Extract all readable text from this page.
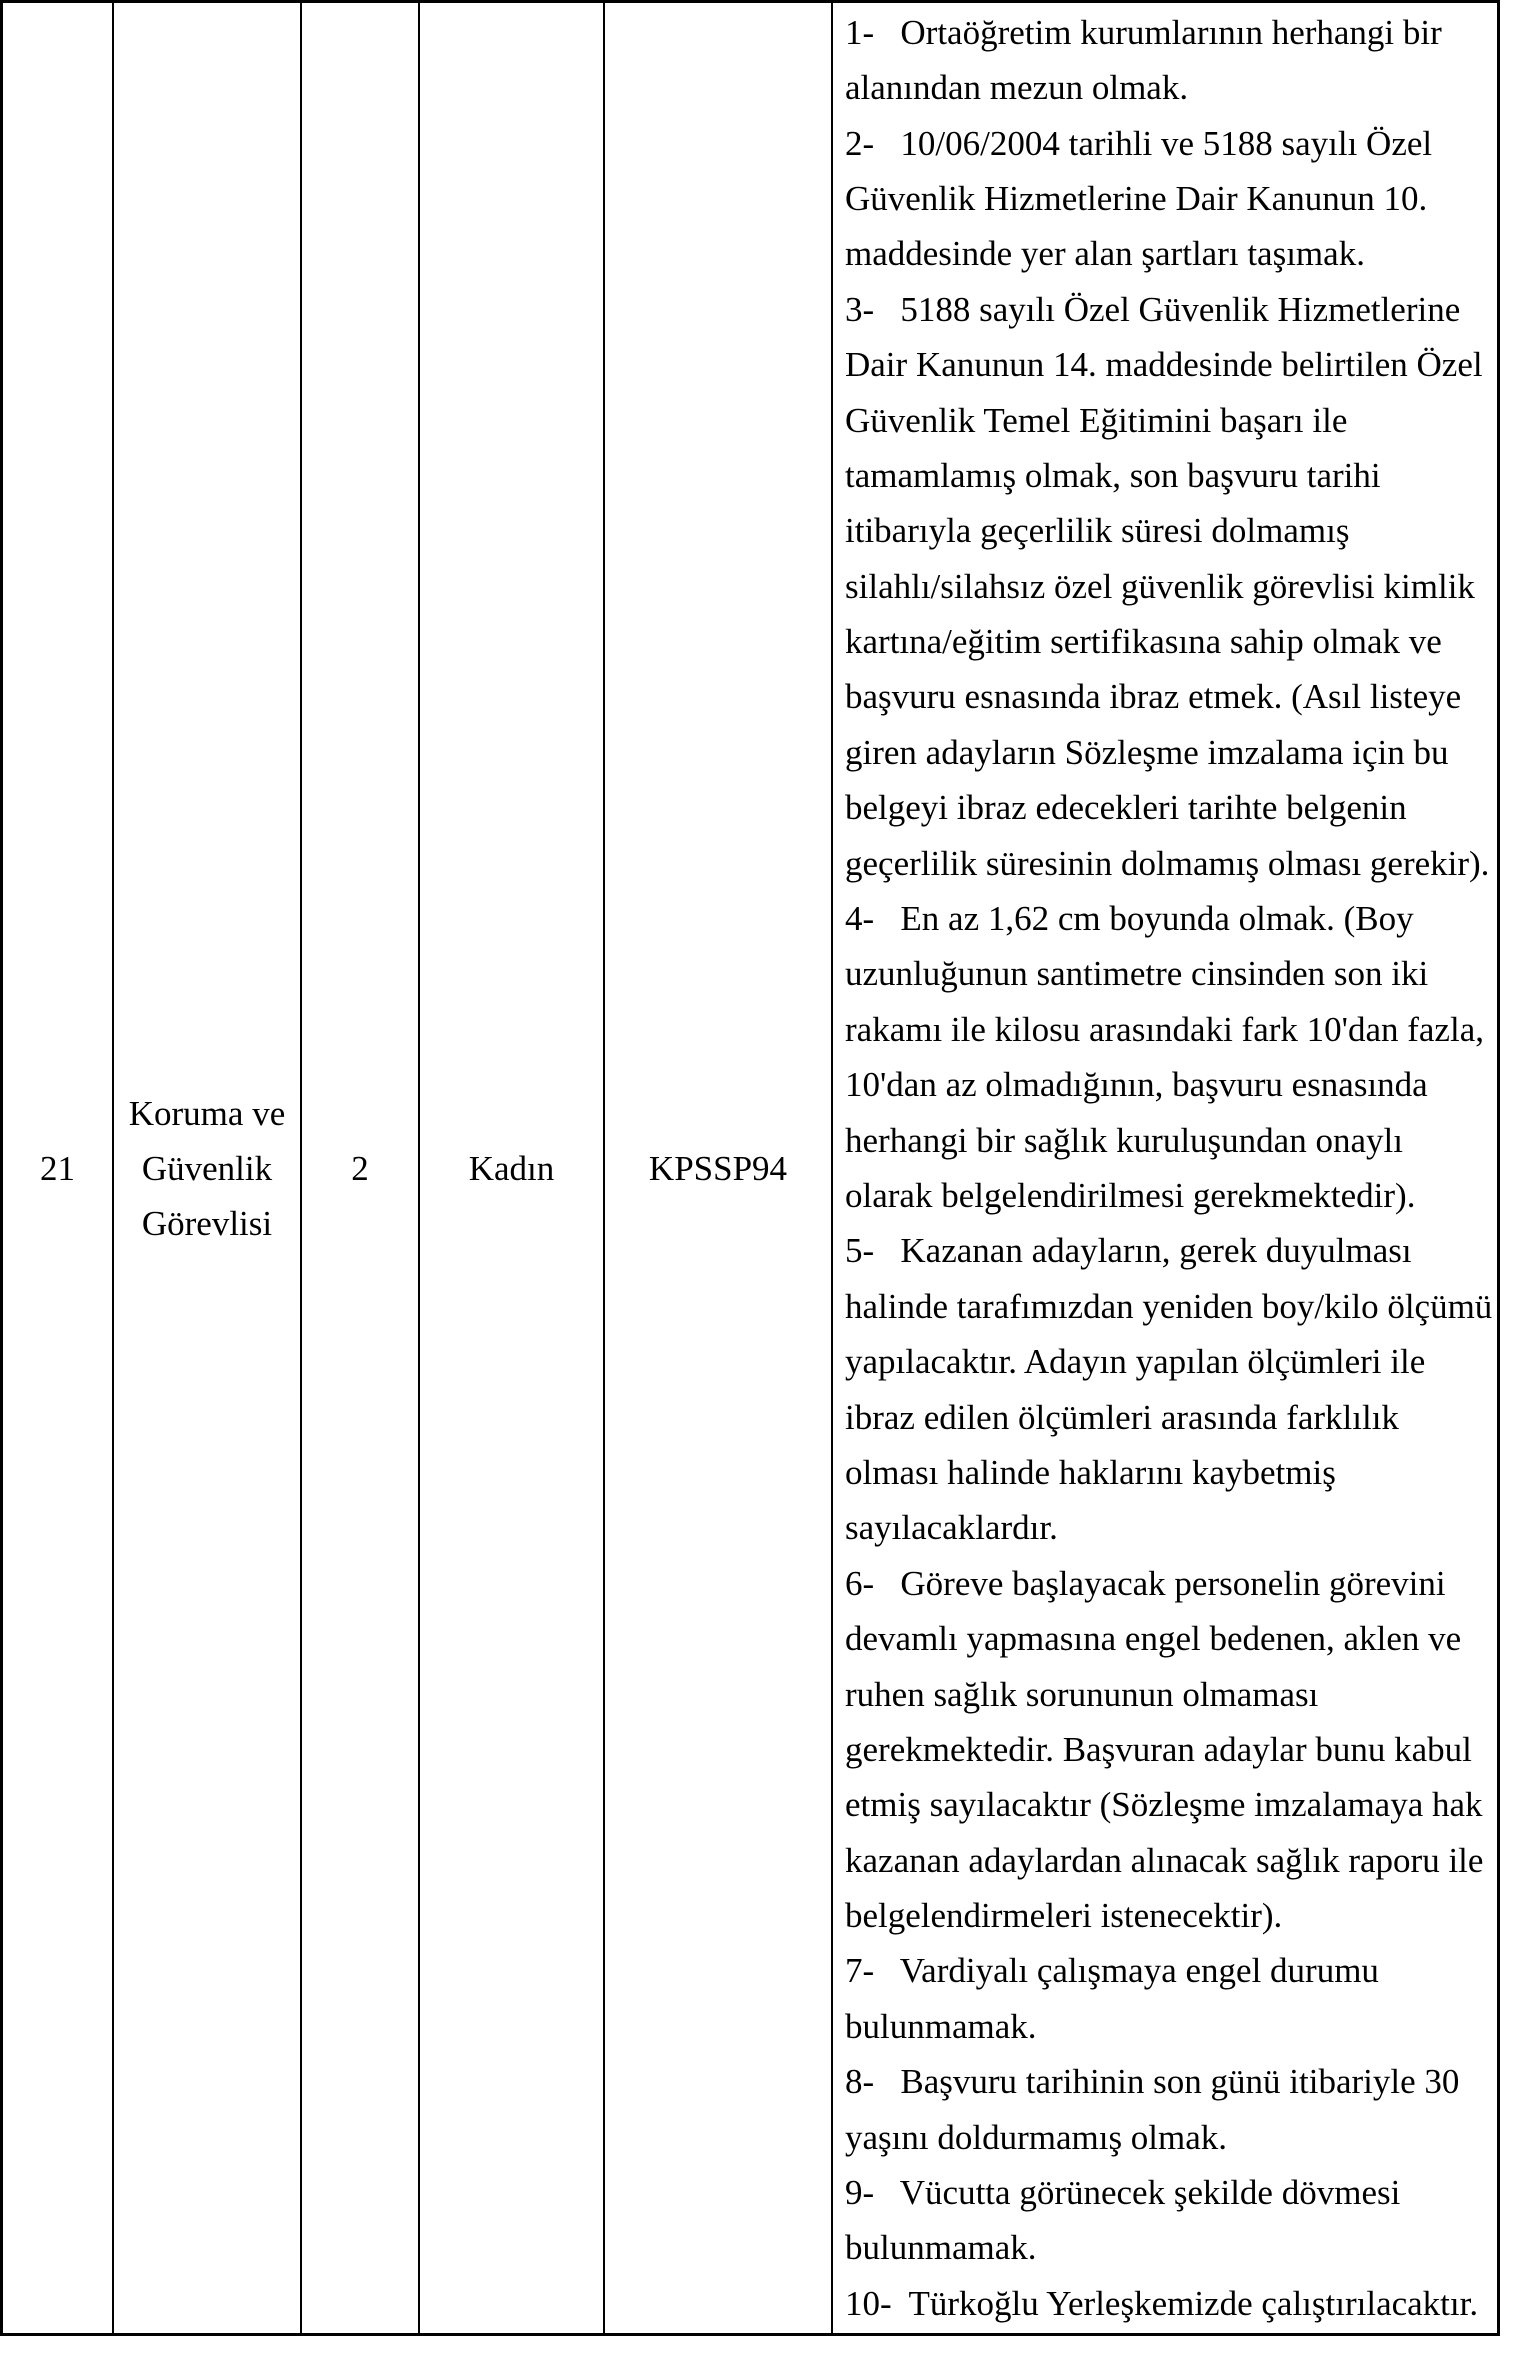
21
Koruma ve
Güvenlik
Görevlisi
2	Kadın	KPSSP94
1-   Ortaöğretim kurumlarının herhangi bir
alanından mezun olmak.
2-   10/06/2004 tarihli ve 5188 sayılı Özel
Güvenlik Hizmetlerine Dair Kanunun 10.
maddesinde yer alan şartları taşımak.
3-   5188 sayılı Özel Güvenlik Hizmetlerine
Dair Kanunun 14. maddesinde belirtilen Özel
Güvenlik Temel Eğitimini başarı ile
tamamlamış olmak, son başvuru tarihi
itibarıyla geçerlilik süresi dolmamış
silahlı/silahsız özel güvenlik görevlisi kimlik
kartına/eğitim sertifikasına sahip olmak ve
başvuru esnasında ibraz etmek. (Asıl listeye
giren adayların Sözleşme imzalama için bu
belgeyi ibraz edecekleri tarihte belgenin
geçerlilik süresinin dolmamış olması gerekir).
4-   En az 1,62 cm boyunda olmak. (Boy
uzunluğunun santimetre cinsinden son iki
rakamı ile kilosu arasındaki fark 10'dan fazla,
10'dan az olmadığının, başvuru esnasında
herhangi bir sağlık kuruluşundan onaylı
olarak belgelendirilmesi gerekmektedir).
5-   Kazanan adayların, gerek duyulması
halinde tarafımızdan yeniden boy/kilo ölçümü
yapılacaktır. Adayın yapılan ölçümleri ile
ibraz edilen ölçümleri arasında farklılık
olması halinde haklarını kaybetmiş
sayılacaklardır.
6-   Göreve başlayacak personelin görevini
devamlı yapmasına engel bedenen, aklen ve
ruhen sağlık sorununun olmaması
gerekmektedir. Başvuran adaylar bunu kabul
etmiş sayılacaktır (Sözleşme imzalamaya hak
kazanan adaylardan alınacak sağlık raporu ile
belgelendirmeleri istenecektir).
7-   Vardiyalı çalışmaya engel durumu
bulunmamak.
8-   Başvuru tarihinin son günü itibariyle 30
yaşını doldurmamış olmak.
9-   Vücutta görünecek şekilde dövmesi
bulunmamak.
10-  Türkoğlu Yerleşkemizde çalıştırılacaktır.
